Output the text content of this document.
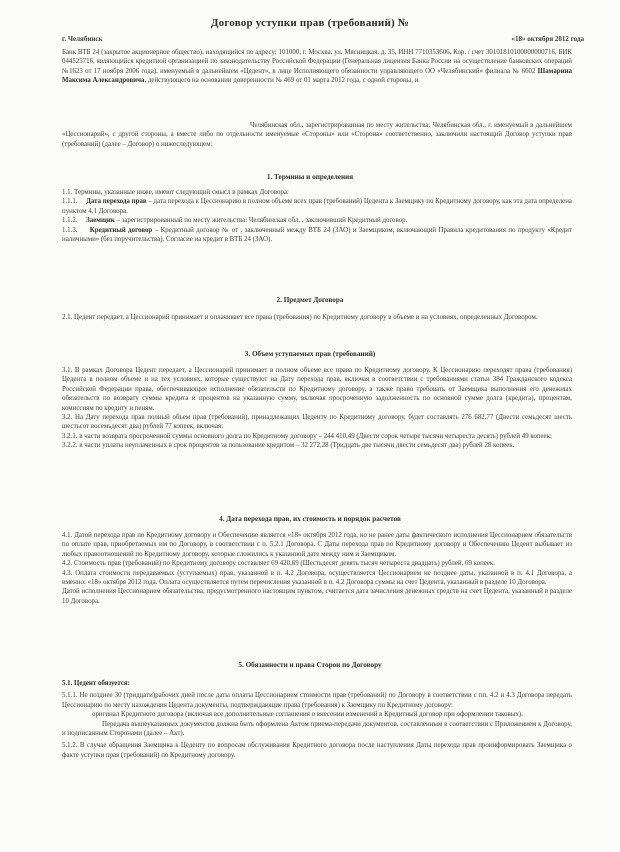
Договор уступки прав (требований) №
г. Челябинск	«18» октября 2012 года

Банк ВТБ 24 (закрытое акционерное общество), находящийся по адресу: 101000, г. Москва, ул. Мясницкая, д. 35, ИНН 7710353606, Кор. / счет 30101810100000000716, БИК 044525716, являющийся кредитной организацией по законодательству Российской Федерации (Генеральная лицензия Банка России на осуществление банковских операций №1623 от 17 ноября 2006 года), именуемый в дальнейшем «Цедент», в лице Исполняющего обязанности управляющего ОО «Челябинский» филиала № 6602 Шамарина Максима Александровича, действующего на основании доверенности № 469 от 01 марта 2012 года, с одной стороны, и

Челябинская обл., зарегистрированная по месту жительства: Челябинская обл., г. именуемый в дальнейшем «Цессионарий», с другой стороны, а вместе либо по отдельности именуемые «Стороны» или «Сторона» соответственно, заключили настоящий Договор уступки прав (требований) (далее – Договор) о нижеследующем:

1. Термины и определения

1.1. Термины, указанные ниже, имеют следующий смысл в рамках Договора:

1.1.1. Дата перехода прав – дата перехода к Цессионарию в полном объеме всех прав (требований) Цедента к Заемщику по Кредитному договору, как эта дата определена пунктом 4.1 Договора.

1.1.2. Заемщик – зарегистрированный по месту жительства: Челябинская обл. , заключивший Кредитный договор.

1.1.3. Кредитный договор – Кредитный договор № от , заключенный между ВТБ 24 (ЗАО) и Заемщиком, включающий Правила кредитования по продукту «Кредит наличными» (без поручительства). Согласие на кредит в ВТБ 24 (ЗАО).

2. Предмет Договора

2.1. Цедент передает, а Цессионарий принимает и оплачивает все права (требования) по Кредитному договору в объеме и на условиях, определенных Договором.

3. Объем уступаемых прав (требований)

3.1. В рамках Договора Цедент передает, а Цессионарий принимает в полном объеме все права по Кредитному договору. К Цессионарию переходят права (требования) Цедента в полном объеме и на тех условиях, которые существуют на Дату перехода прав, включая в соответствии с требованиями статьи 384 Гражданского кодекса Российской Федерации права, обеспечивающие исполнение обязательств по Кредитному договору, а также право требовать от Заемщика выполнения его денежных обязательств по возврату суммы кредита и процентов на указанную сумму, включая просроченную задолженность по основной сумме долга (кредита), процентам, комиссиям по кредиту и пеням.

3.2. На Дату перехода прав полный объем прав (требований), принадлежащих Цеденту по Кредитному договору, будет составлять 276 682,77 (Двести семьдесят шесть шестьсот восемьдесят два) рублей 77 копеек, включая:

3.2.1. в части возврата просроченной суммы основного долга по Кредитному договору – 244 410,49 (Двести сорок четыре тысячи четыреста десять) рублей 49 копеек;

3.2.2. в части уплаты неуплаченных в срок процентов за пользование кредитом – 32 272,28 (Тридцать две тысячи двести семьдесят два) рублей 28 копеек.

4. Дата перехода прав, их стоимость и порядок расчетов

4.1. Датой перехода прав по Кредитному договору и Обеспечению является «18» октября 2012 года, но не ранее даты фактического исполнения Цессионарием обязательств по оплате прав, приобретаемых им по Договору, в соответствии с п. 5.2.1 Договора. С Даты перехода прав по Кредитному договору и Обеспечению Цедент выбывает из любых правоотношений по Кредитному договору, которые сложились к указанной дате между ним и Заемщиком.

4.2. Стоимость прав (требований) по Кредитному договору составляет 69 420,69 (Шестьдесят девять тысяч четыреста двадцать) рублей, 69 копеек.

4.3. Оплата стоимости передаваемых (уступаемых) прав, указанной в п. 4.2 Договора, осуществляется Цессионарием не позднее даты, указанной в п. 4.1 Договора, а именно: «18» октября 2012 года. Оплата осуществляется путем перечисления указанной в п. 4.2 Договора суммы на счет Цедента, указанный в разделе 10 Договора.

Датой исполнения Цессионарием обязательства, предусмотренного настоящим пунктом, считается дата зачисления денежных средств на счет Цедента, указанный в разделе 10 Договора.

5. Обязанности и права Сторон по Договору

5.1. Цедент обязуется:

5.1.1. Не позднее 30 (тридцати)рабочих дней после даты оплаты Цессионарием стоимости прав (требований) по Договору в соответствии с пп. 4.2 и 4.3 Договора передать Цессионарию по месту нахождения Цедента документы, подтверждающие права (требования) к Заемщику по Кредитному договору:

оригинал Кредитного договора (включая все дополнительные соглашения о внесении изменений в Кредитный договор при оформлении таковых).

Передача вышеуказанных документов должна быть оформлена Актом приема-передачи документов, составленным в соответствии с Приложением к Договору, и подписанным Сторонами (далее – Акт).

5.1.2. В случае обращения Заемщика к Цеденту по вопросам обслуживания Кредитного договора после наступления Даты перехода прав проинформировать Заемщика о факте уступки прав (требований) по Кредитному договору.
